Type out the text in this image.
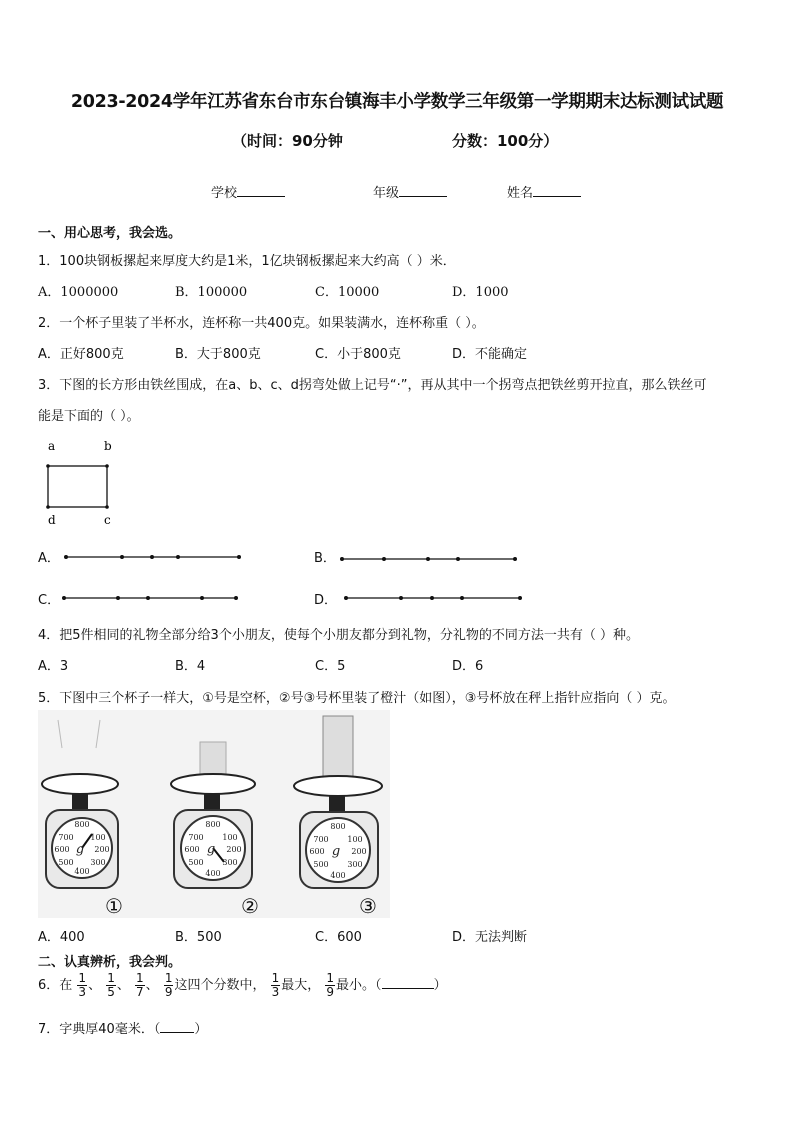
2023-2024学年江苏省东台市东台镇海丰小学数学三年级第一学期期末达标测试试题
（时间：90分钟	分数：100分）
学校	年级	姓名
一、用心思考，我会选。
1．100块钢板摞起来厚度大约是1米，1亿块钢板摞起来大约高（ ）米．
A．1000000	B．100000	C．10000	D．1000
2．一个杯子里装了半杯水，连杯称一共400克。如果装满水，连杯称重（ ）。
A．正好800克	B．大于800克	C．小于800克	D．不能确定
3．下图的长方形由铁丝围成，在a、b、c、d拐弯处做上记号“·”，再从其中一个拐弯点把铁丝剪开拉直，那么铁丝可
能是下面的（ ）。
a	b
d	c
A．	B．
C．	D．
4．把5件相同的礼物全部分给3个小朋友，使每个小朋友都分到礼物，分礼物的不同方法一共有（ ）种。
A．3	B．4	C．5	D．6
5．下图中三个杯子一样大，①号是空杯，②号③号杯里装了橙汁（如图），③号杯放在秤上指针应指向（ ）克。
800
100
200
300
400
500
600
700
800
100
200
300
400
500
600
700
800
100
200
300
400
500
600
700
g	g	g
①	②	③
A．400	B．500	C．600	D．无法判断
二、认真辨析，我会判。
6．在 $\frac{1}{3}$ 、 $\frac{1}{5}$ 、 $\frac{1}{7}$ 、 $\frac{1}{9}$ 这四个分数中， $\frac{1}{3}$ 最大， $\frac{1}{9}$ 最小。（	）
7．字典厚40毫米．（	）
